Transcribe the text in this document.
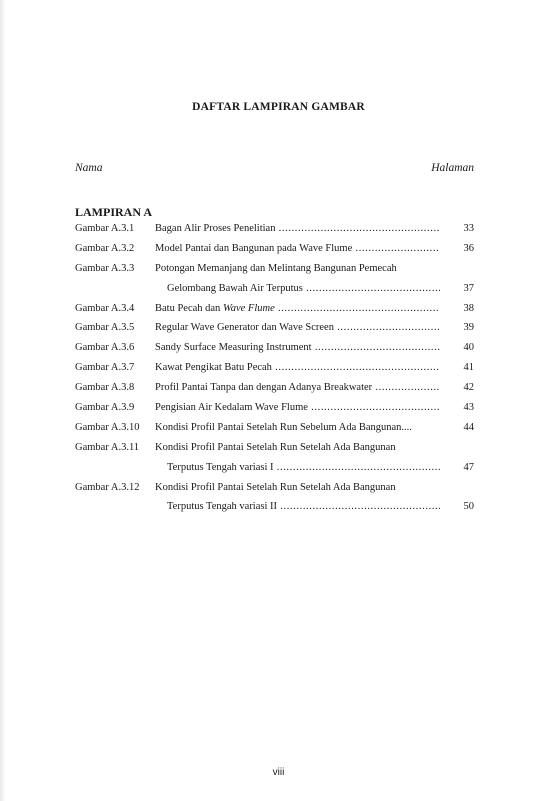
DAFTAR LAMPIRAN GAMBAR
Nama	Halaman
LAMPIRAN A
Gambar A.3.1 Bagan Alir Proses Penelitian .....	33
Gambar A.3.2 Model Pantai dan Bangunan pada Wave Flume .....	36
Gambar A.3.3 Potongan Memanjang dan Melintang Bangunan Pemecah
Gelombang Bawah Air Terputus .....	37
Gambar A.3.4 Batu Pecah dan Wave Flume .....	38
Gambar A.3.5 Regular Wave Generator dan Wave Screen .....	39
Gambar A.3.6 Sandy Surface Measuring Instrument .....	40
Gambar A.3.7 Kawat Pengikat Batu Pecah .....	41
Gambar A.3.8 Profil Pantai Tanpa dan dengan Adanya Breakwater .....	42
Gambar A.3.9 Pengisian Air Kedalam Wave Flume .....	43
Gambar A.3.10 Kondisi Profil Pantai Setelah Run Sebelum Ada Bangunan....	44
Gambar A.3.11 Kondisi Profil Pantai Setelah Run Setelah Ada Bangunan
Terputus Tengah variasi I .....	47
Gambar A.3.12 Kondisi Profil Pantai Setelah Run Setelah Ada Bangunan
Terputus Tengah variasi II .....	50
viii
